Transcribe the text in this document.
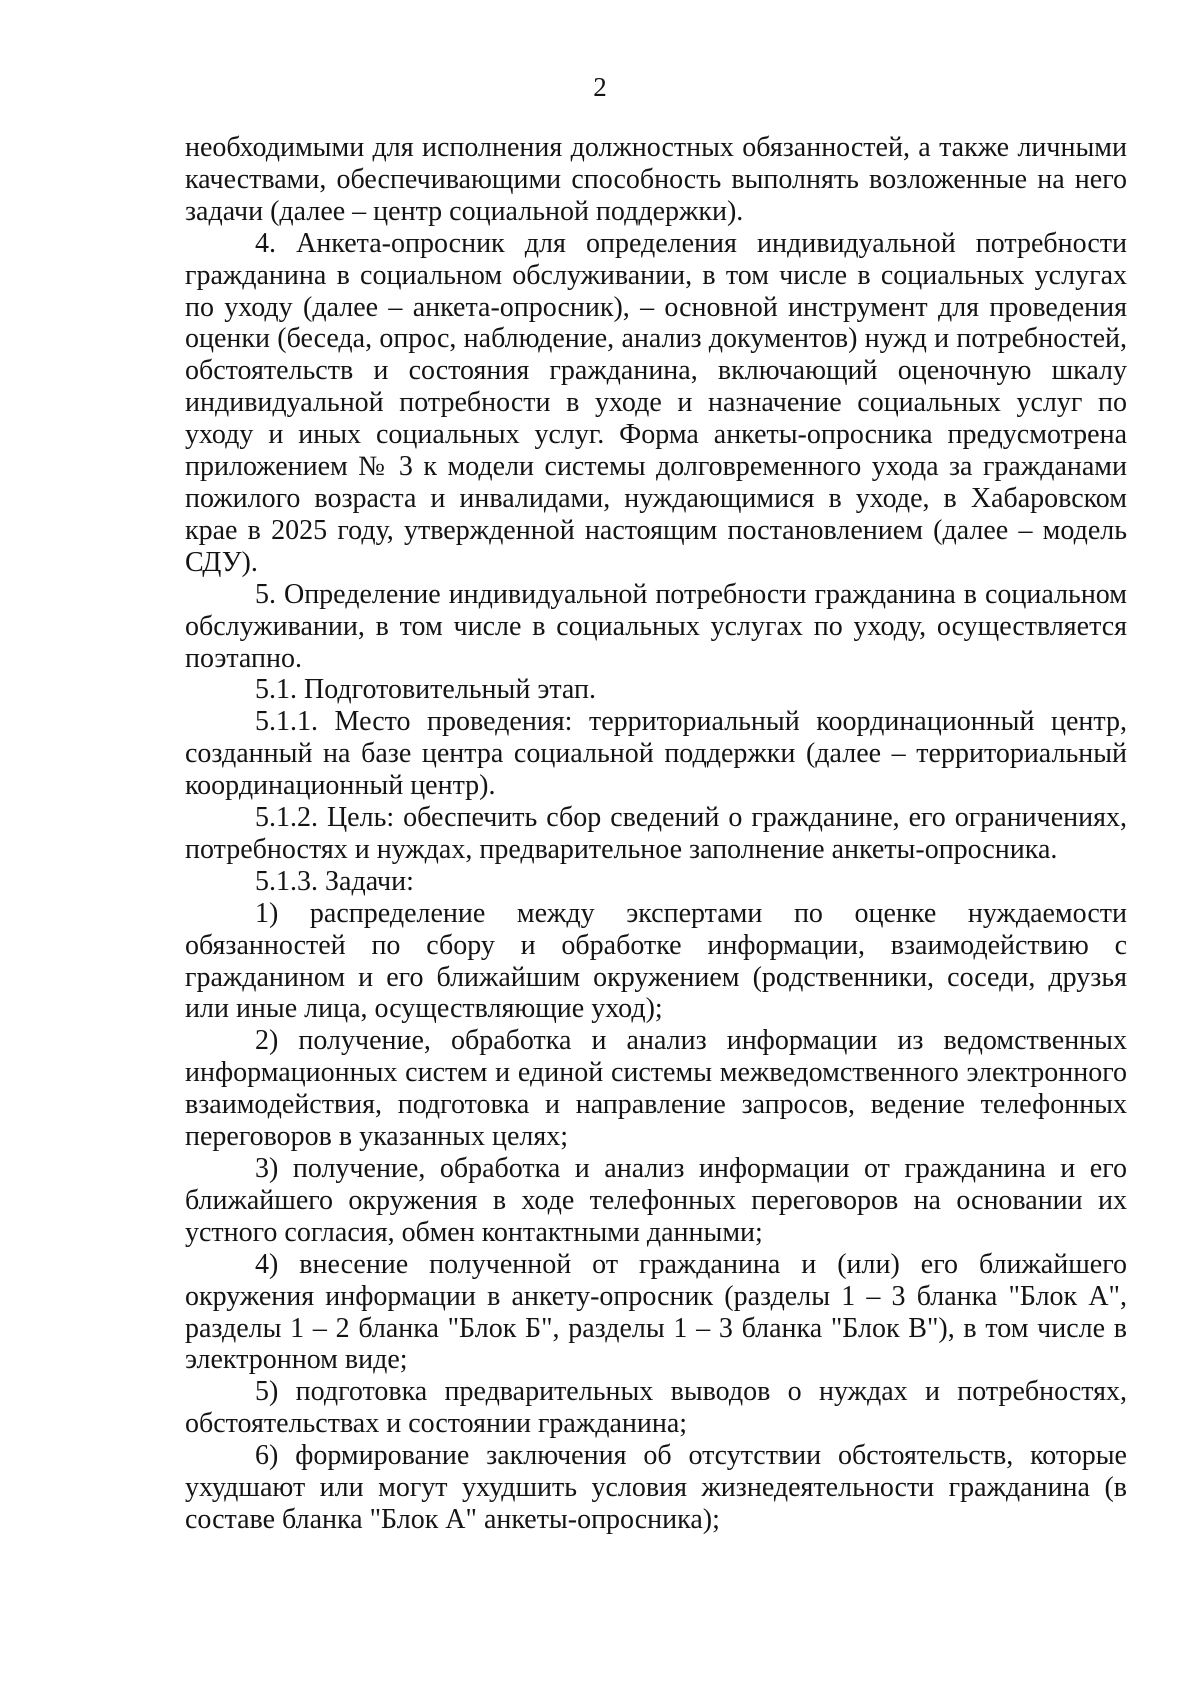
2

необходимыми для исполнения должностных обязанностей, а также личными качествами, обеспечивающими способность выполнять возложенные на него задачи (далее – центр социальной поддержки).

4. Анкета-опросник для определения индивидуальной потребности гражданина в социальном обслуживании, в том числе в социальных услугах по уходу (далее – анкета-опросник), – основной инструмент для проведения оценки (беседа, опрос, наблюдение, анализ документов) нужд и потребностей, обстоятельств и состояния гражданина, включающий оценочную шкалу индивидуальной потребности в уходе и назначение социальных услуг по уходу и иных социальных услуг. Форма анкеты-опросника предусмотрена приложением № 3 к модели системы долговременного ухода за гражданами пожилого возраста и инвалидами, нуждающимися в уходе, в Хабаровском крае в 2025 году, утвержденной настоящим постановлением (далее – модель СДУ).

5. Определение индивидуальной потребности гражданина в социальном обслуживании, в том числе в социальных услугах по уходу, осуществляется поэтапно.

5.1. Подготовительный этап.

5.1.1. Место проведения: территориальный координационный центр, созданный на базе центра социальной поддержки (далее – территориальный координационный центр).

5.1.2. Цель: обеспечить сбор сведений о гражданине, его ограничениях, потребностях и нуждах, предварительное заполнение анкеты-опросника.

5.1.3. Задачи:

1) распределение между экспертами по оценке нуждаемости обязанностей по сбору и обработке информации, взаимодействию с гражданином и его ближайшим окружением (родственники, соседи, друзья или иные лица, осуществляющие уход);

2) получение, обработка и анализ информации из ведомственных информационных систем и единой системы межведомственного электронного взаимодействия, подготовка и направление запросов, ведение телефонных переговоров в указанных целях;

3) получение, обработка и анализ информации от гражданина и его ближайшего окружения в ходе телефонных переговоров на основании их устного согласия, обмен контактными данными;

4) внесение полученной от гражданина и (или) его ближайшего окружения информации в анкету-опросник (разделы 1 – 3 бланка "Блок А", разделы 1 – 2 бланка "Блок Б", разделы 1 – 3 бланка "Блок В"), в том числе в электронном виде;

5) подготовка предварительных выводов о нуждах и потребностях, обстоятельствах и состоянии гражданина;

6) формирование заключения об отсутствии обстоятельств, которые ухудшают или могут ухудшить условия жизнедеятельности гражданина (в составе бланка "Блок А" анкеты-опросника);
